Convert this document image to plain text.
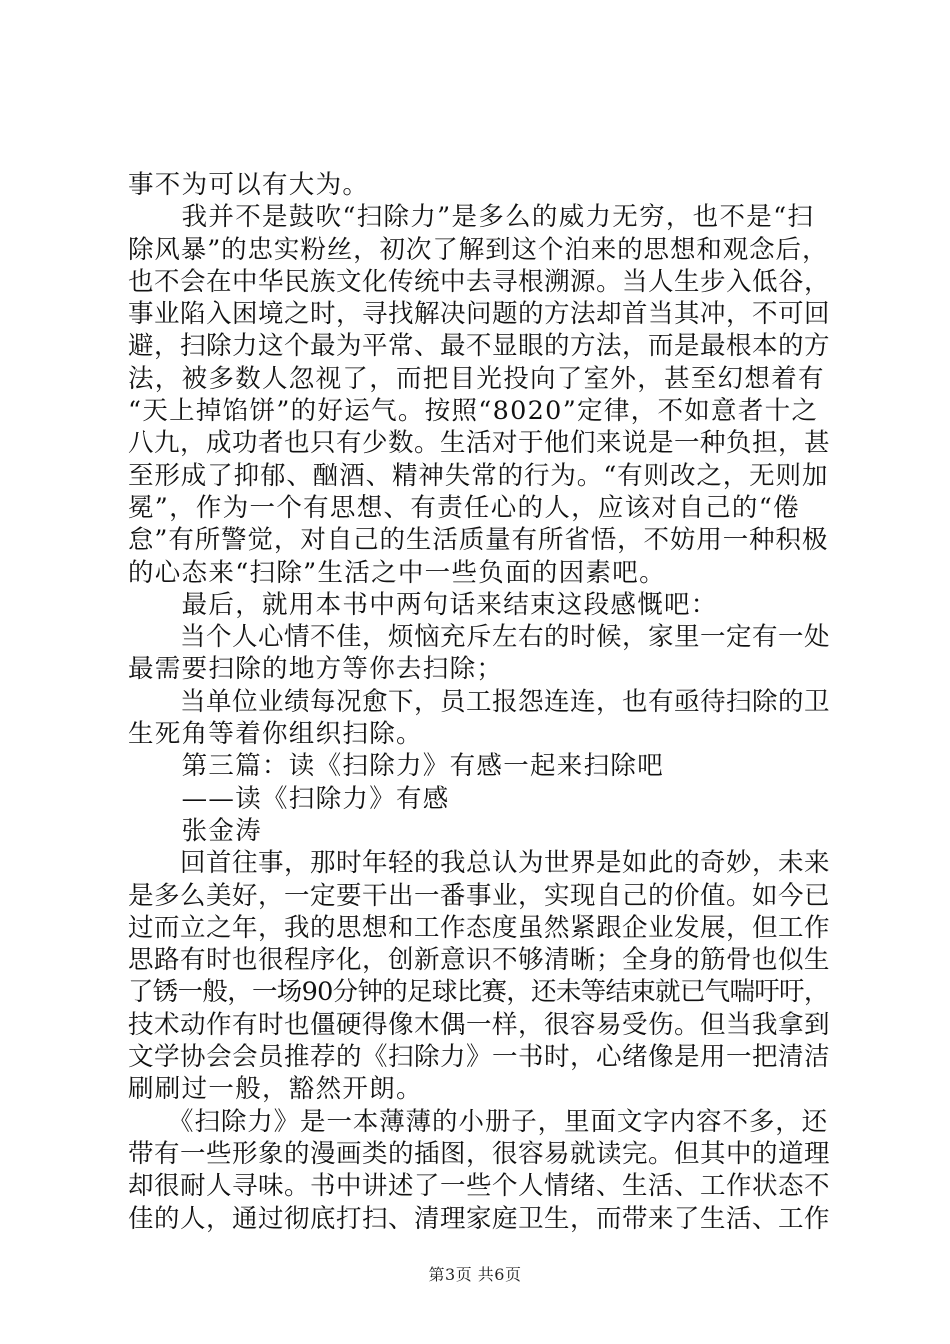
事不为可以有大为。
　　我并不是鼓吹“扫除力”是多么的威力无穷，也不是“扫
除风暴”的忠实粉丝，初次了解到这个泊来的思想和观念后，
也不会在中华民族文化传统中去寻根溯源。当人生步入低谷，
事业陷入困境之时，寻找解决问题的方法却首当其冲，不可回
避，扫除力这个最为平常、最不显眼的方法，而是最根本的方
法，被多数人忽视了，而把目光投向了室外，甚至幻想着有
“天上掉馅饼”的好运气。按照“8020”定律，不如意者十之
八九，成功者也只有少数。生活对于他们来说是一种负担，甚
至形成了抑郁、酗酒、精神失常的行为。“有则改之，无则加
冕”，作为一个有思想、有责任心的人，应该对自己的“倦
怠”有所警觉，对自己的生活质量有所省悟，不妨用一种积极
的心态来“扫除”生活之中一些负面的因素吧。
　　最后，就用本书中两句话来结束这段感慨吧：
　　当个人心情不佳，烦恼充斥左右的时候，家里一定有一处
最需要扫除的地方等你去扫除；
　　当单位业绩每况愈下，员工报怨连连，也有亟待扫除的卫
生死角等着你组织扫除。
　　第三篇：读《扫除力》有感一起来扫除吧
　　——读《扫除力》有感
　　张金涛
　　回首往事，那时年轻的我总认为世界是如此的奇妙，未来
是多么美好，一定要干出一番事业，实现自己的价值。如今已
过而立之年，我的思想和工作态度虽然紧跟企业发展，但工作
思路有时也很程序化，创新意识不够清晰；全身的筋骨也似生
了锈一般，一场90分钟的足球比赛，还未等结束就已气喘吁吁，
技术动作有时也僵硬得像木偶一样，很容易受伤。但当我拿到
文学协会会员推荐的《扫除力》一书时，心绪像是用一把清洁
刷刷过一般，豁然开朗。
　　《扫除力》是一本薄薄的小册子，里面文字内容不多，还
带有一些形象的漫画类的插图，很容易就读完。但其中的道理
却很耐人寻味。书中讲述了一些个人情绪、生活、工作状态不
佳的人，通过彻底打扫、清理家庭卫生，而带来了生活、工作
第3页 共6页
